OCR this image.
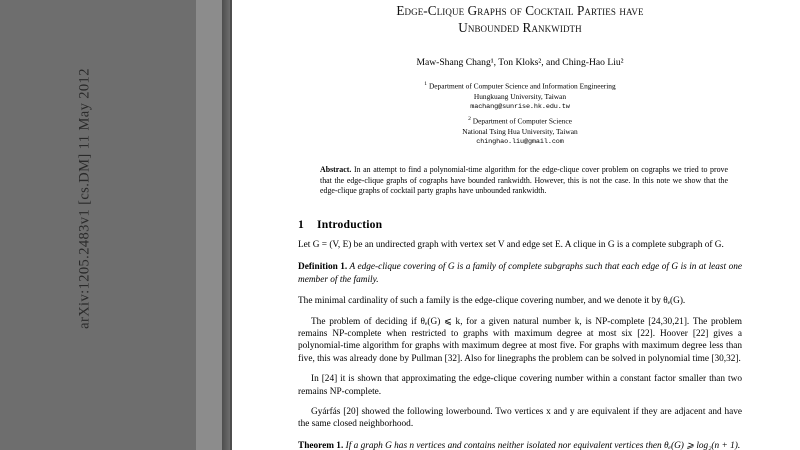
arXiv:1205.2483v1 [cs.DM] 11 May 2012
Edge-Clique Graphs of Cocktail Parties have
Unbounded Rankwidth
Maw-Shang Chang¹, Ton Kloks², and Ching-Hao Liu²
$^1$ Department of Computer Science and Information Engineering
Hungkuang University, Taiwan
machang@sunrise.hk.edu.tw
$^2$ Department of Computer Science
National Tsing Hua University, Taiwan
chinghao.liu@gmail.com
Abstract. In an attempt to find a polynomial-time algorithm for the edge-clique cover problem on cographs we tried to prove that the edge-clique graphs of cographs have bounded rankwidth. However, this is not the case. In this note we show that the edge-clique graphs of cocktail party graphs have unbounded rankwidth.
1 Introduction

Let G = (V, E) be an undirected graph with vertex set V and edge set E. A clique in G is a complete subgraph of G.

Definition 1. A edge-clique covering of G is a family of complete subgraphs such that each edge of G is in at least one member of the family.

The minimal cardinality of such a family is the edge-clique covering number, and we denote it by θₑ(G).

The problem of deciding if θₑ(G) ⩽ k, for a given natural number k, is NP-complete [24,30,21]. The problem remains NP-complete when restricted to graphs with maximum degree at most six [22]. Hoover [22] gives a polynomial-time algorithm for graphs with maximum degree at most five. For graphs with maximum degree less than five, this was already done by Pullman [32]. Also for linegraphs the problem can be solved in polynomial time [30,32].

In [24] it is shown that approximating the edge-clique covering number within a constant factor smaller than two remains NP-complete.

Gyárfás [20] showed the following lowerbound. Two vertices x and y are equivalent if they are adjacent and have the same closed neighborhood.

Theorem 1. If a graph G has n vertices and contains neither isolated nor equivalent vertices then θₑ(G) ⩾ log₂(n + 1).
